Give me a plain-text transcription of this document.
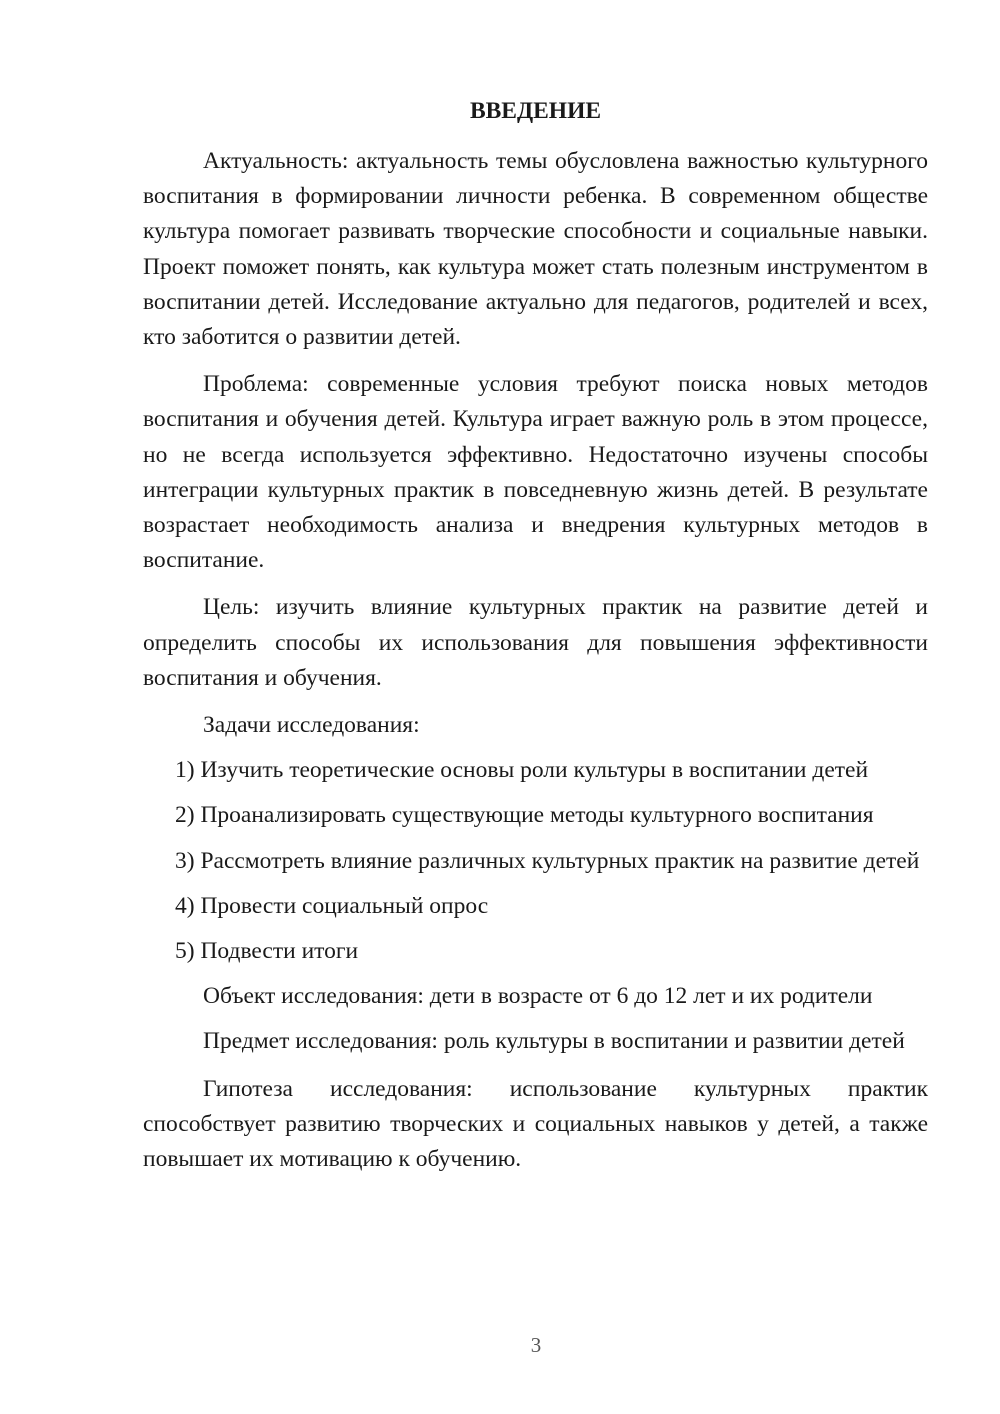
ВВЕДЕНИЕ

Актуальность: актуальность темы обусловлена важностью культурного воспитания в формировании личности ребенка. В современном обществе культура помогает развивать творческие способности и социальные навыки. Проект поможет понять, как культура может стать полезным инструментом в воспитании детей. Исследование актуально для педагогов, родителей и всех, кто заботится о развитии детей.

Проблема: современные условия требуют поиска новых методов воспитания и обучения детей. Культура играет важную роль в этом процессе, но не всегда используется эффективно. Недостаточно изучены способы интеграции культурных практик в повседневную жизнь детей. В результате возрастает необходимость анализа и внедрения культурных методов в воспитание.

Цель: изучить влияние культурных практик на развитие детей и определить способы их использования для повышения эффективности воспитания и обучения.

Задачи исследования:

1) Изучить теоретические основы роли культуры в воспитании детей

2) Проанализировать существующие методы культурного воспитания

3) Рассмотреть влияние различных культурных практик на развитие детей

4) Провести социальный опрос

5) Подвести итоги

Объект исследования: дети в возрасте от 6 до 12 лет и их родители

Предмет исследования: роль культуры в воспитании и развитии детей

Гипотеза исследования: использование культурных практик способствует развитию творческих и социальных навыков у детей, а также повышает их мотивацию к обучению.

3
